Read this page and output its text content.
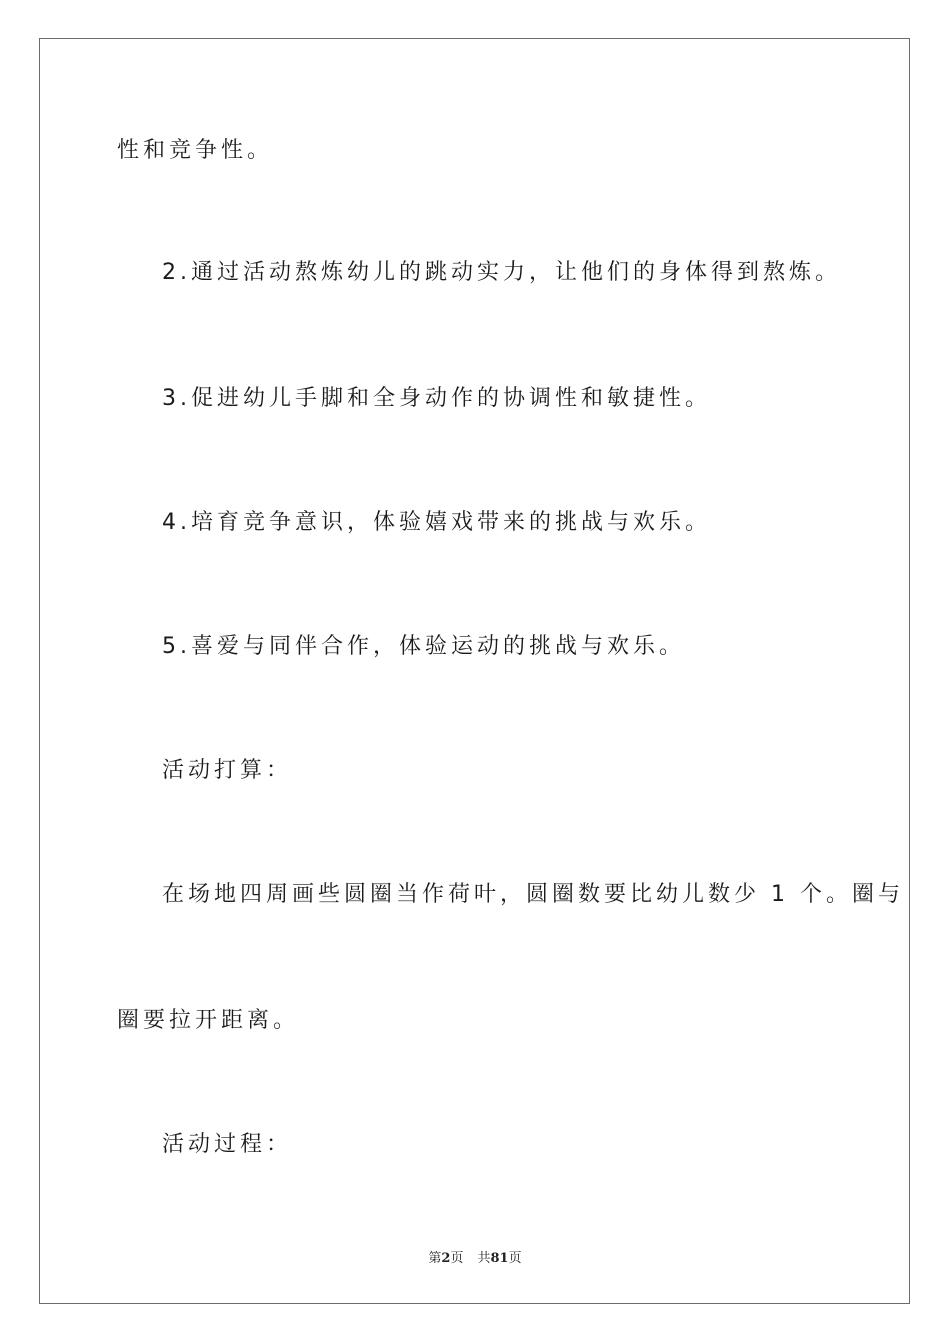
性和竞争性。
2.通过活动熬炼幼儿的跳动实力，让他们的身体得到熬炼。
3.促进幼儿手脚和全身动作的协调性和敏捷性。
4.培育竞争意识，体验嬉戏带来的挑战与欢乐。
5.喜爱与同伴合作，体验运动的挑战与欢乐。
活动打算：
在场地四周画些圆圈当作荷叶，圆圈数要比幼儿数少 1 个。圈与
圈要拉开距离。
活动过程：
第2页 共81页
